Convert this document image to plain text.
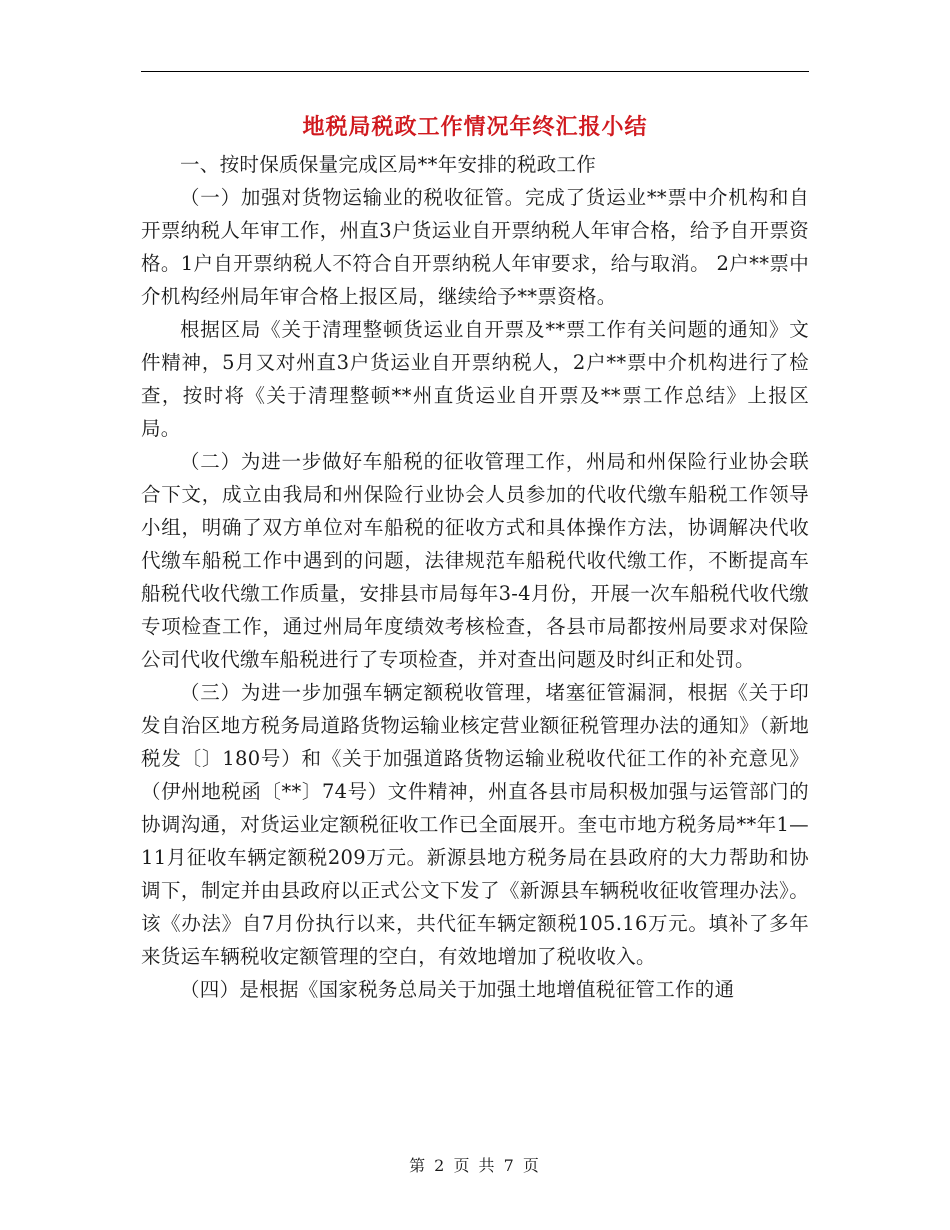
地税局税政工作情况年终汇报小结

一、按时保质保量完成区局**年安排的税政工作

（一）加强对货物运输业的税收征管。完成了货运业**票中介机构和自开票纳税人年审工作，州直3户货运业自开票纳税人年审合格，给予自开票资格。1户自开票纳税人不符合自开票纳税人年审要求，给与取消。 2户**票中介机构经州局年审合格上报区局，继续给予**票资格。

根据区局《关于清理整顿货运业自开票及**票工作有关问题的通知》文件精神，5月又对州直3户货运业自开票纳税人，2户**票中介机构进行了检查，按时将《关于清理整顿**州直货运业自开票及**票工作总结》上报区局。

（二）为进一步做好车船税的征收管理工作，州局和州保险行业协会联合下文，成立由我局和州保险行业协会人员参加的代收代缴车船税工作领导小组，明确了双方单位对车船税的征收方式和具体操作方法，协调解决代收代缴车船税工作中遇到的问题，法律规范车船税代收代缴工作，不断提高车船税代收代缴工作质量，安排县市局每年3-4月份，开展一次车船税代收代缴专项检查工作，通过州局年度绩效考核检查，各县市局都按州局要求对保险公司代收代缴车船税进行了专项检查，并对查出问题及时纠正和处罚。

（三）为进一步加强车辆定额税收管理，堵塞征管漏洞，根据《关于印发自治区地方税务局道路货物运输业核定营业额征税管理办法的通知》（新地税发〔〕180号）和《关于加强道路货物运输业税收代征工作的补充意见》（伊州地税函〔**〕74号）文件精神，州直各县市局积极加强与运管部门的协调沟通，对货运业定额税征收工作已全面展开。奎屯市地方税务局**年1—11月征收车辆定额税209万元。新源县地方税务局在县政府的大力帮助和协调下，制定并由县政府以正式公文下发了《新源县车辆税收征收管理办法》。该《办法》自7月份执行以来，共代征车辆定额税105.16万元。填补了多年来货运车辆税收定额管理的空白，有效地增加了税收收入。

（四）是根据《国家税务总局关于加强土地增值税征管工作的通

第 2 页 共 7 页
